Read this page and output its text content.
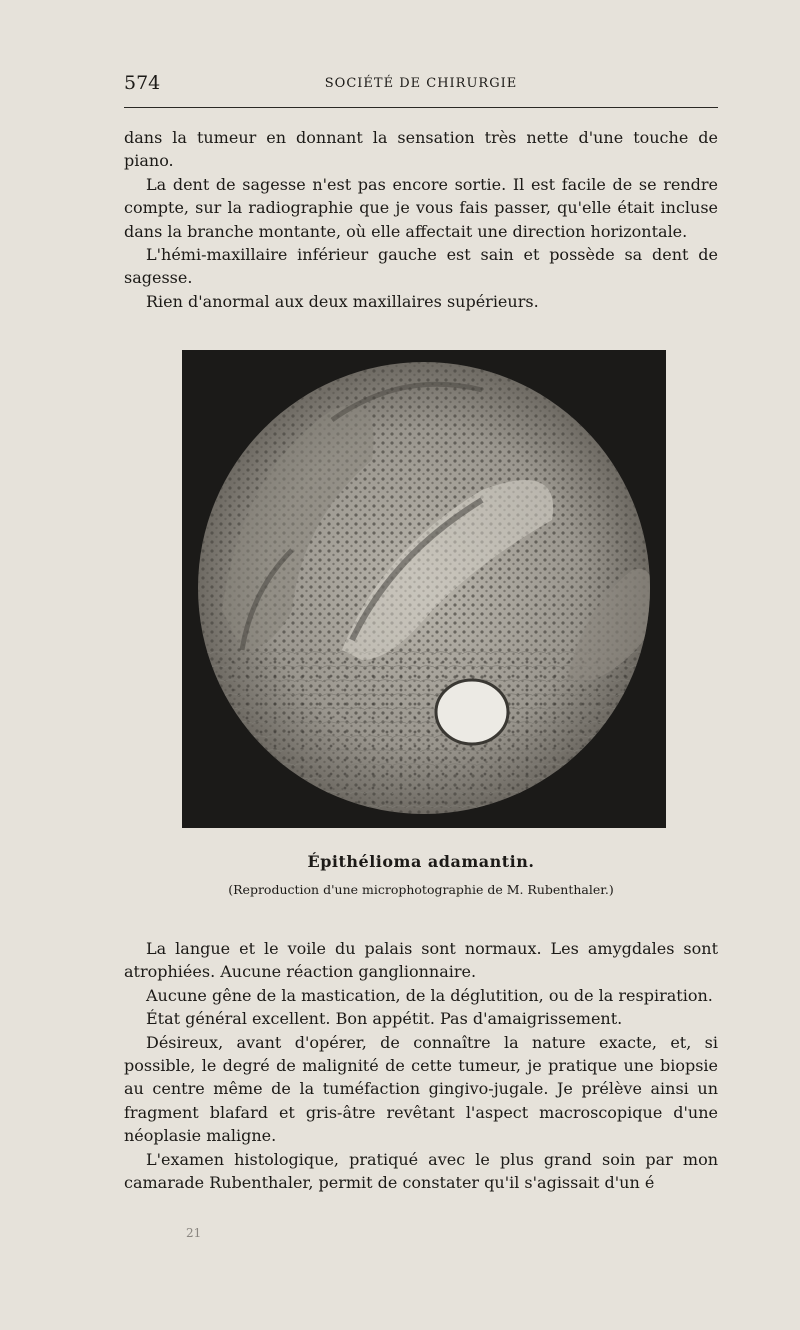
574	SOCIÉTÉ DE CHIRURGIE

dans la tumeur en donnant la sensation très nette d'une touche de piano.

La dent de sagesse n'est pas encore sortie. Il est facile de se rendre compte, sur la radiographie que je vous fais passer, qu'elle était incluse dans la branche montante, où elle affectait une direction horizontale.

L'hémi-maxillaire inférieur gauche est sain et possède sa dent de sagesse.

Rien d'anormal aux deux maxillaires supérieurs.

Épithélioma adamantin.
(Reproduction d'une microphotographie de M. Rubenthaler.)

La langue et le voile du palais sont normaux. Les amygdales sont atrophiées. Aucune réaction ganglionnaire.

Aucune gêne de la mastication, de la déglutition, ou de la respiration.

État général excellent. Bon appétit. Pas d'amaigrissement.

Désireux, avant d'opérer, de connaître la nature exacte, et, si possible, le degré de malignité de cette tumeur, je pratique une biopsie au centre même de la tuméfaction gingivo-jugale. Je prélève ainsi un fragment blafard et gris-âtre revêtant l'aspect macroscopique d'une néoplasie maligne.

L'examen histologique, pratiqué avec le plus grand soin par mon camarade Rubenthaler, permit de constater qu'il s'agissait d'un é

21
